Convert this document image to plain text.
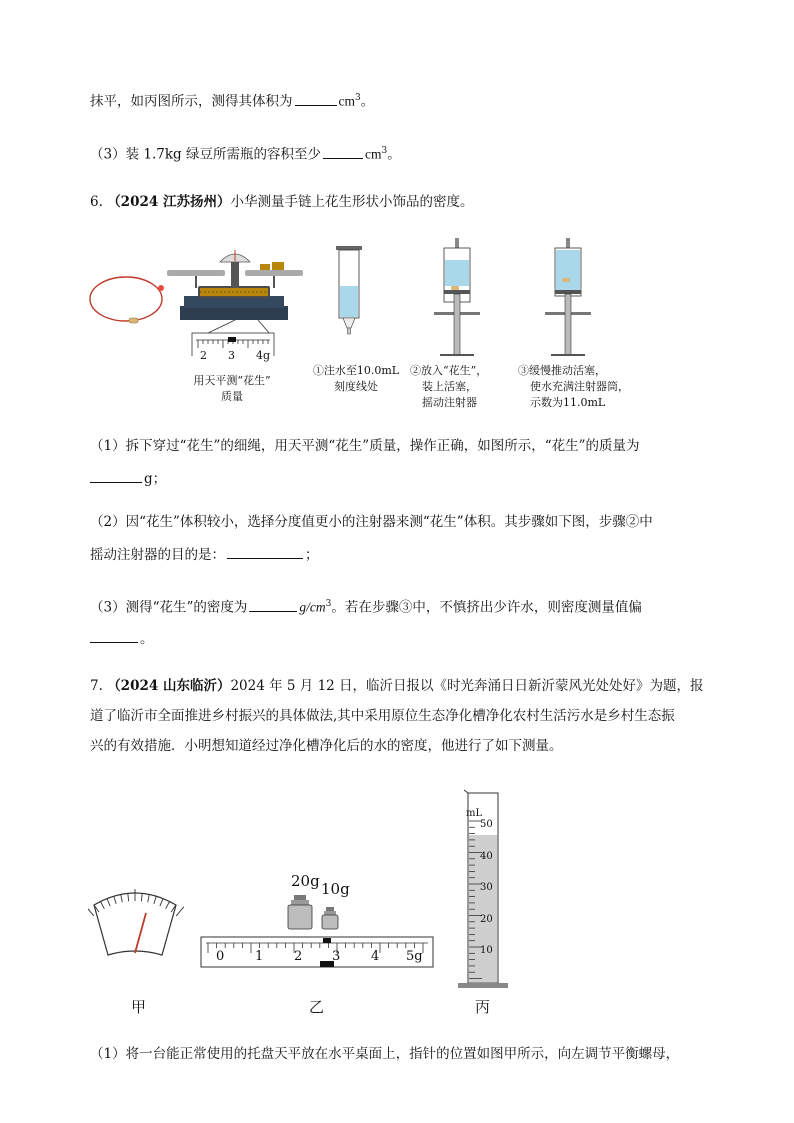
抹平，如丙图所示，测得其体积为	$cm^3$。
（3）装 1.7kg 绿豆所需瓶的容积至少	$cm^3$。
6. （2024 江苏扬州）小华测量手链上花生形状小饰品的密度。
2 3 4g
用天平测“花生”
质量
①注水至10.0mL
刻度线处
②放入“花生”，
装上活塞，
摇动注射器
③缓慢推动活塞，
使水充满注射器筒，
示数为11.0mL
（1）拆下穿过“花生”的细绳，用天平测“花生”质量，操作正确，如图所示，“花生”的质量为
g；
（2）因“花生”体积较小，选择分度值更小的注射器来测“花生”体积。其步骤如下图，步骤②中
摇动注射器的目的是：	；
（3）测得“花生”的密度为	$g/cm^3$。若在步骤③中，不慎挤出少许水，则密度测量值偏
。
7. （2024 山东临沂）2024 年 5 月 12 日，临沂日报以《时光奔涌日日新沂蒙风光处处好》为题，报
道了临沂市全面推进乡村振兴的具体做法,其中采用原位生态净化槽净化农村生活污水是乡村生态振
兴的有效措施．小明想知道经过净化槽净化后的水的密度，他进行了如下测量。
20g 10g
0 1 2 3 4 5g
mL
50
40
30
20
10
甲	乙	丙
（1）将一台能正常使用的托盘天平放在水平桌面上，指针的位置如图甲所示，向左调节平衡螺母，
